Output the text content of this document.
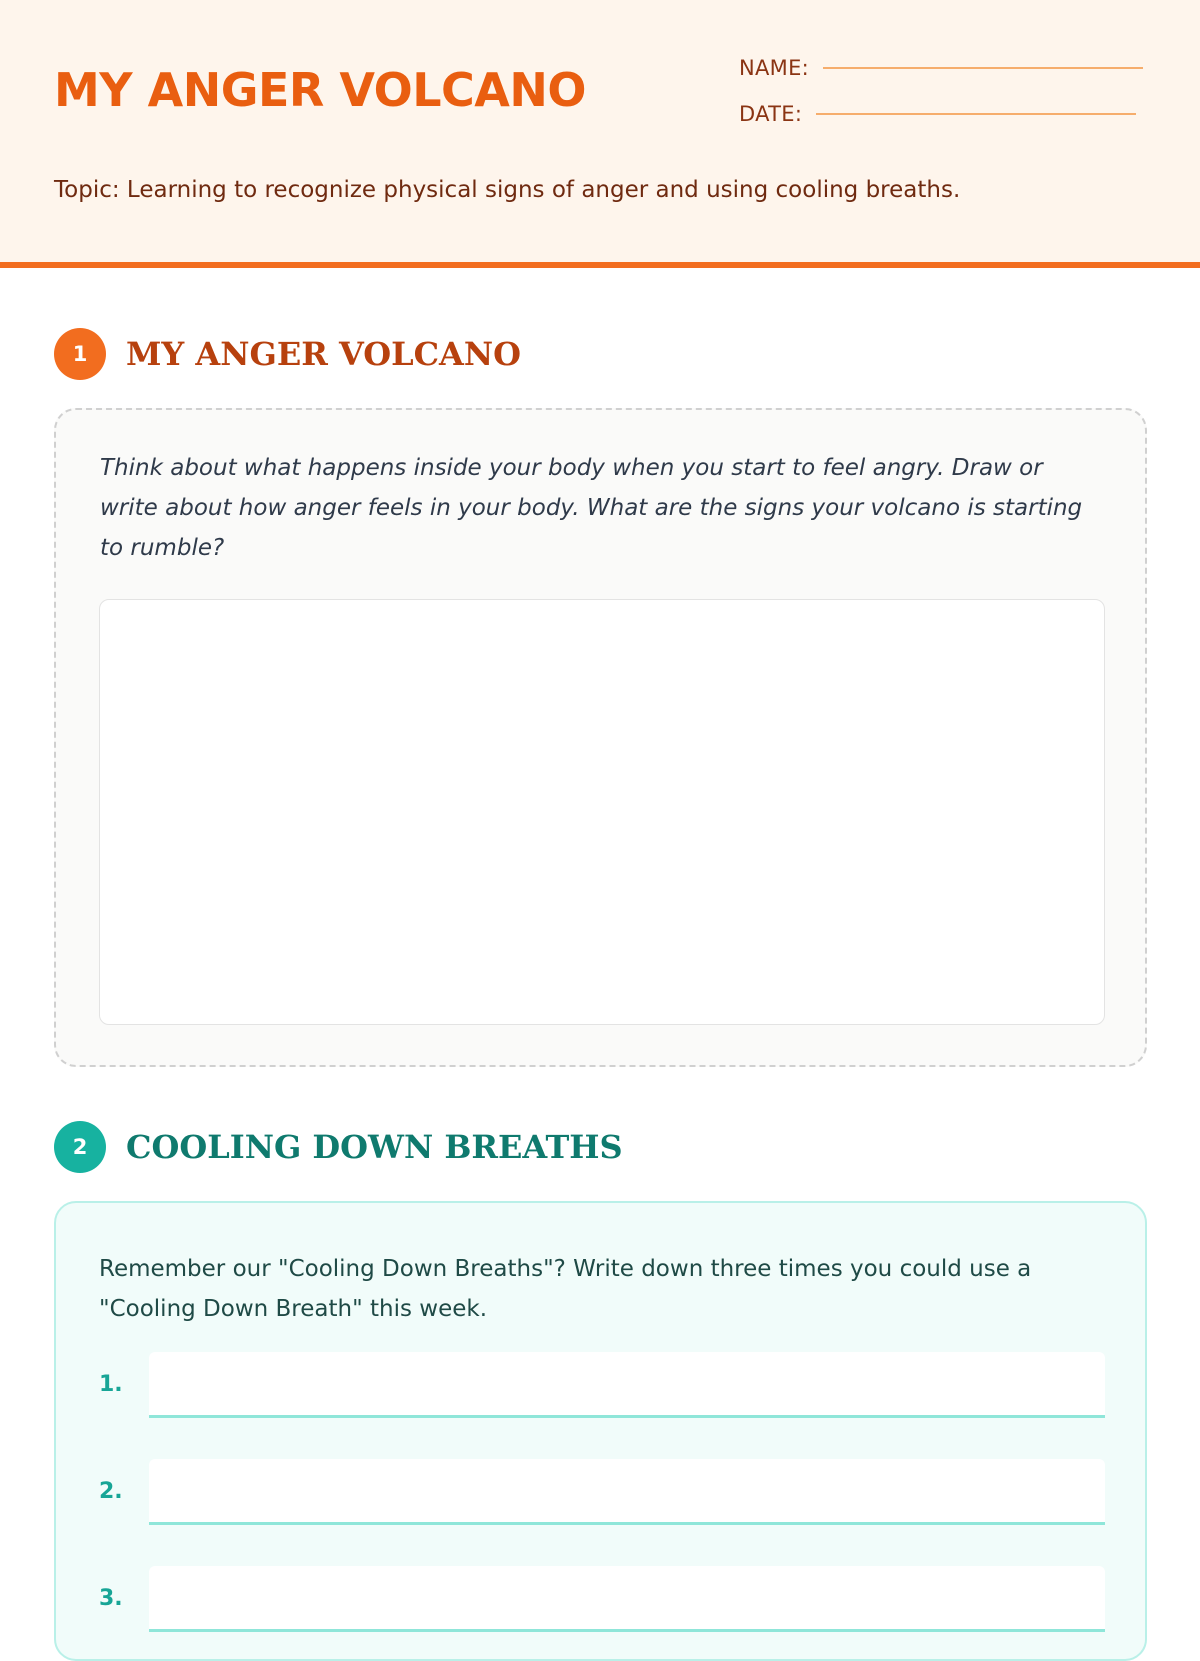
MY ANGER VOLCANO	NAME:
DATE:
Topic: Learning to recognize physical signs of anger and using cooling breaths.
1	MY ANGER VOLCANO

Think about what happens inside your body when you start to feel angry. Draw or write about how anger feels in your body. What are the signs your volcano is starting to rumble?

2	COOLING DOWN BREATHS

Remember our "Cooling Down Breaths"? Write down three times you could use a "Cooling Down Breath" this week.

1.
2.
3.
